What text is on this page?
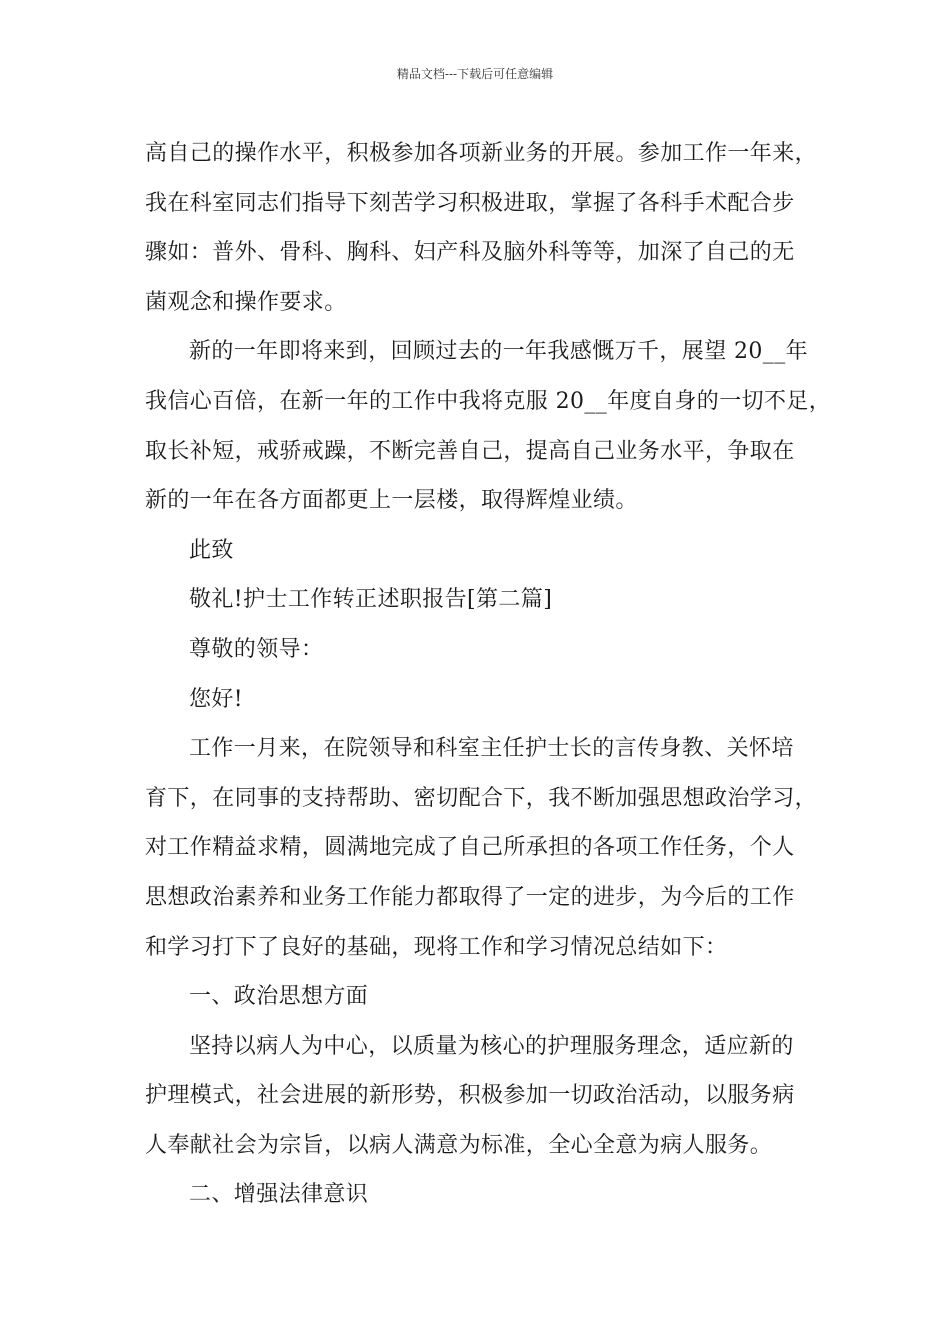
精品文档---下载后可任意编辑
高自己的操作水平，积极参加各项新业务的开展。参加工作一年来，
我在科室同志们指导下刻苦学习积极进取，掌握了各科手术配合步
骤如：普外、骨科、胸科、妇产科及脑外科等等，加深了自己的无
菌观念和操作要求。
新的一年即将来到，回顾过去的一年我感慨万千，展望 20__年
我信心百倍，在新一年的工作中我将克服 20__年度自身的一切不足，
取长补短，戒骄戒躁，不断完善自己，提高自己业务水平，争取在
新的一年在各方面都更上一层楼，取得辉煌业绩。
此致
敬礼!护士工作转正述职报告[第二篇]
尊敬的领导：
您好!
工作一月来，在院领导和科室主任护士长的言传身教、关怀培
育下，在同事的支持帮助、密切配合下，我不断加强思想政治学习，
对工作精益求精，圆满地完成了自己所承担的各项工作任务，个人
思想政治素养和业务工作能力都取得了一定的进步，为今后的工作
和学习打下了良好的基础，现将工作和学习情况总结如下：
一、政治思想方面
坚持以病人为中心，以质量为核心的护理服务理念，适应新的
护理模式，社会进展的新形势，积极参加一切政治活动，以服务病
人奉献社会为宗旨，以病人满意为标准，全心全意为病人服务。
二、增强法律意识
